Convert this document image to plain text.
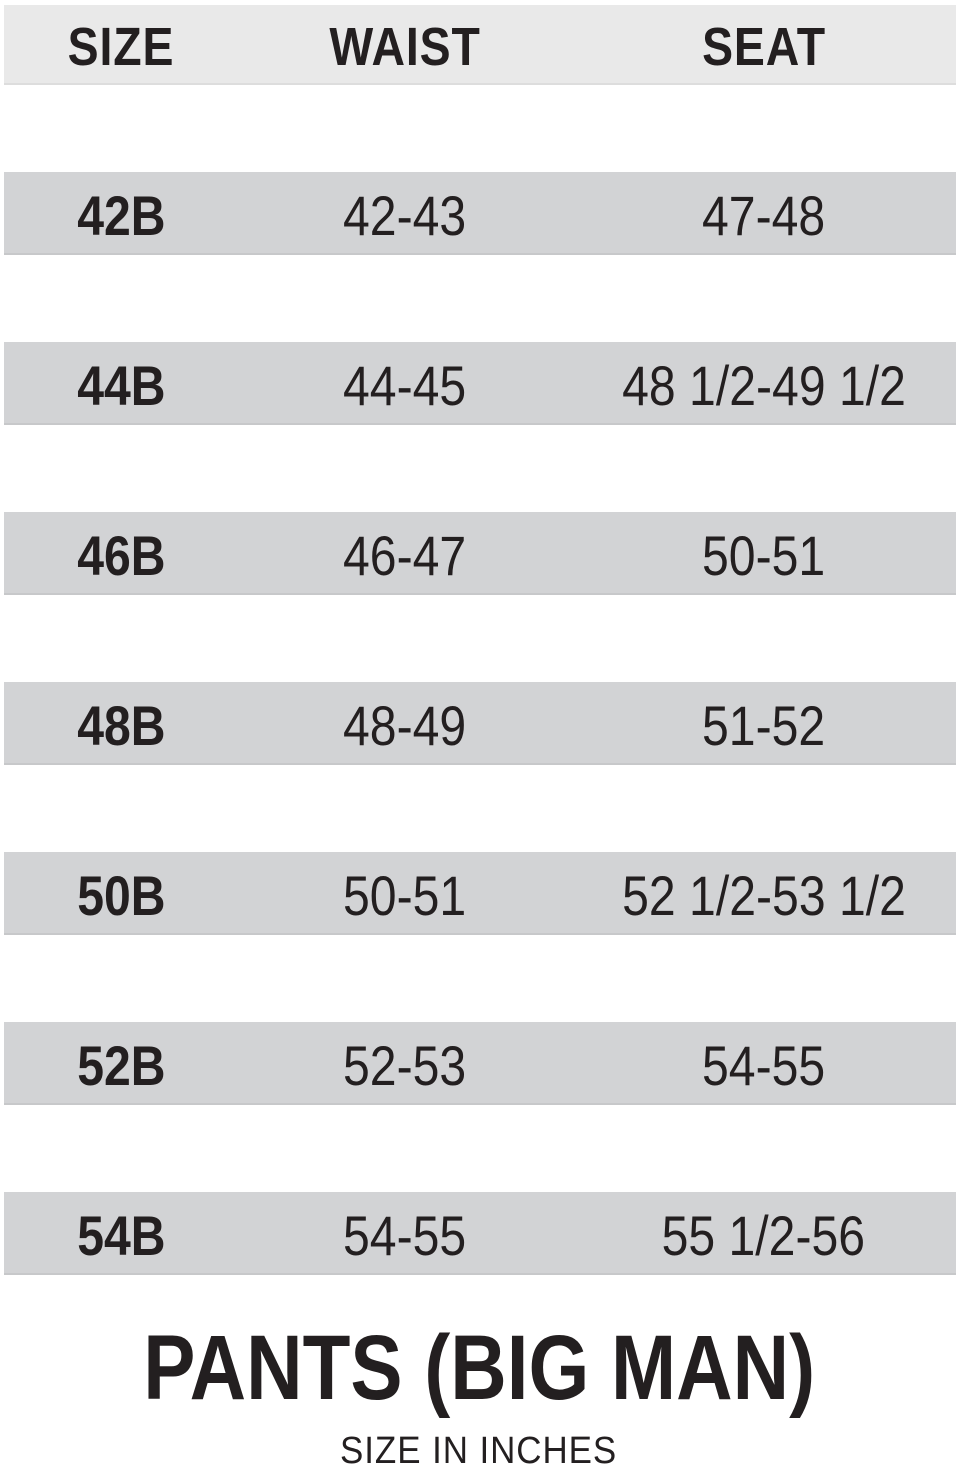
SIZE	WAIST	SEAT
42B	42-43	47-48
44B	44-45	48 1/2-49 1/2
46B	46-47	50-51
48B	48-49	51-52
50B	50-51	52 1/2-53 1/2
52B	52-53	54-55
54B	54-55	55 1/2-56
PANTS (BIG MAN)
SIZE IN INCHES
